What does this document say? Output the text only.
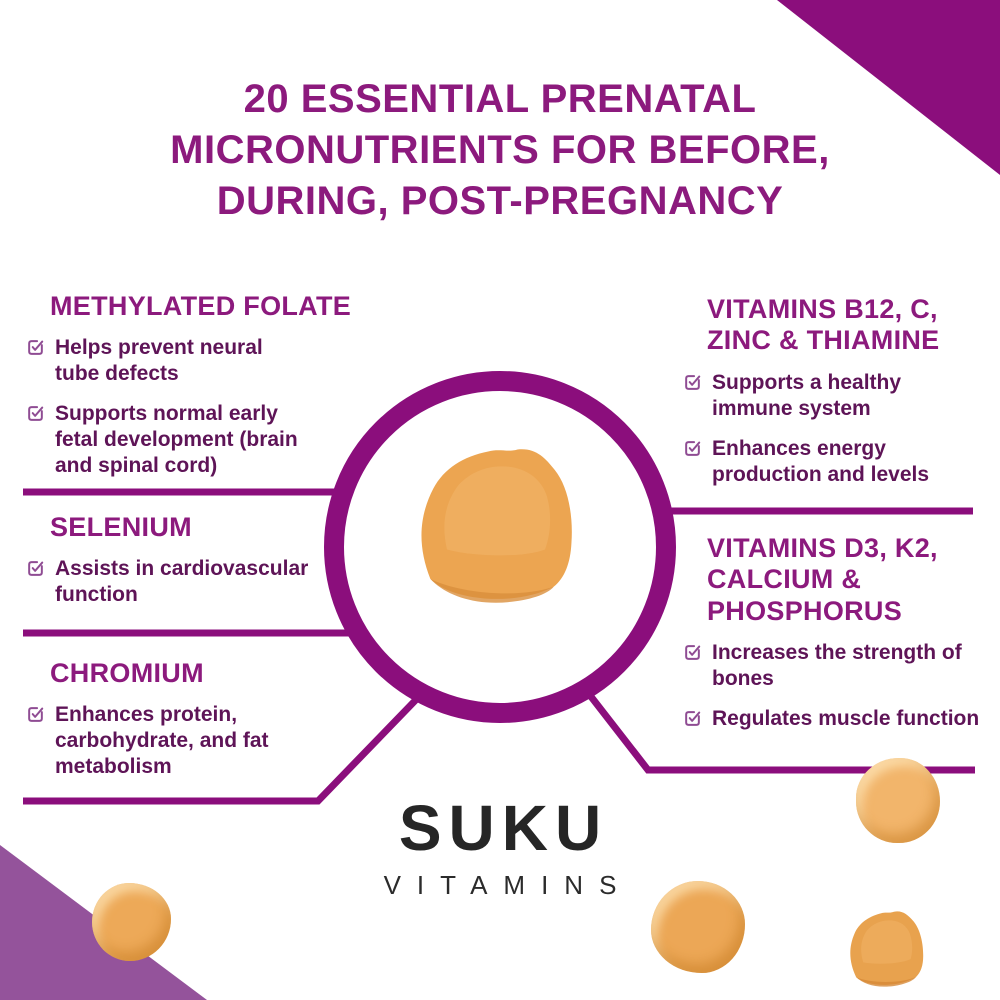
METHYLATED FOLATE
Helps prevent neural tube defects
Supports normal early fetal development (brain and spinal cord)
SELENIUM
Assists in cardiovascular function
CHROMIUM
Enhances protein, carbohydrate, and fat metabolism
VITAMINS B12, C,
ZINC & THIAMINE
Supports a healthy immune system
Enhances energy production and levels
VITAMINS D3, K2,
CALCIUM &
PHOSPHORUS
Increases the strength of bones
Regulates muscle function
20 ESSENTIAL PRENATAL
MICRONUTRIENTS FOR BEFORE,
DURING, POST-PREGNANCY
SUKU
VITAMINS
